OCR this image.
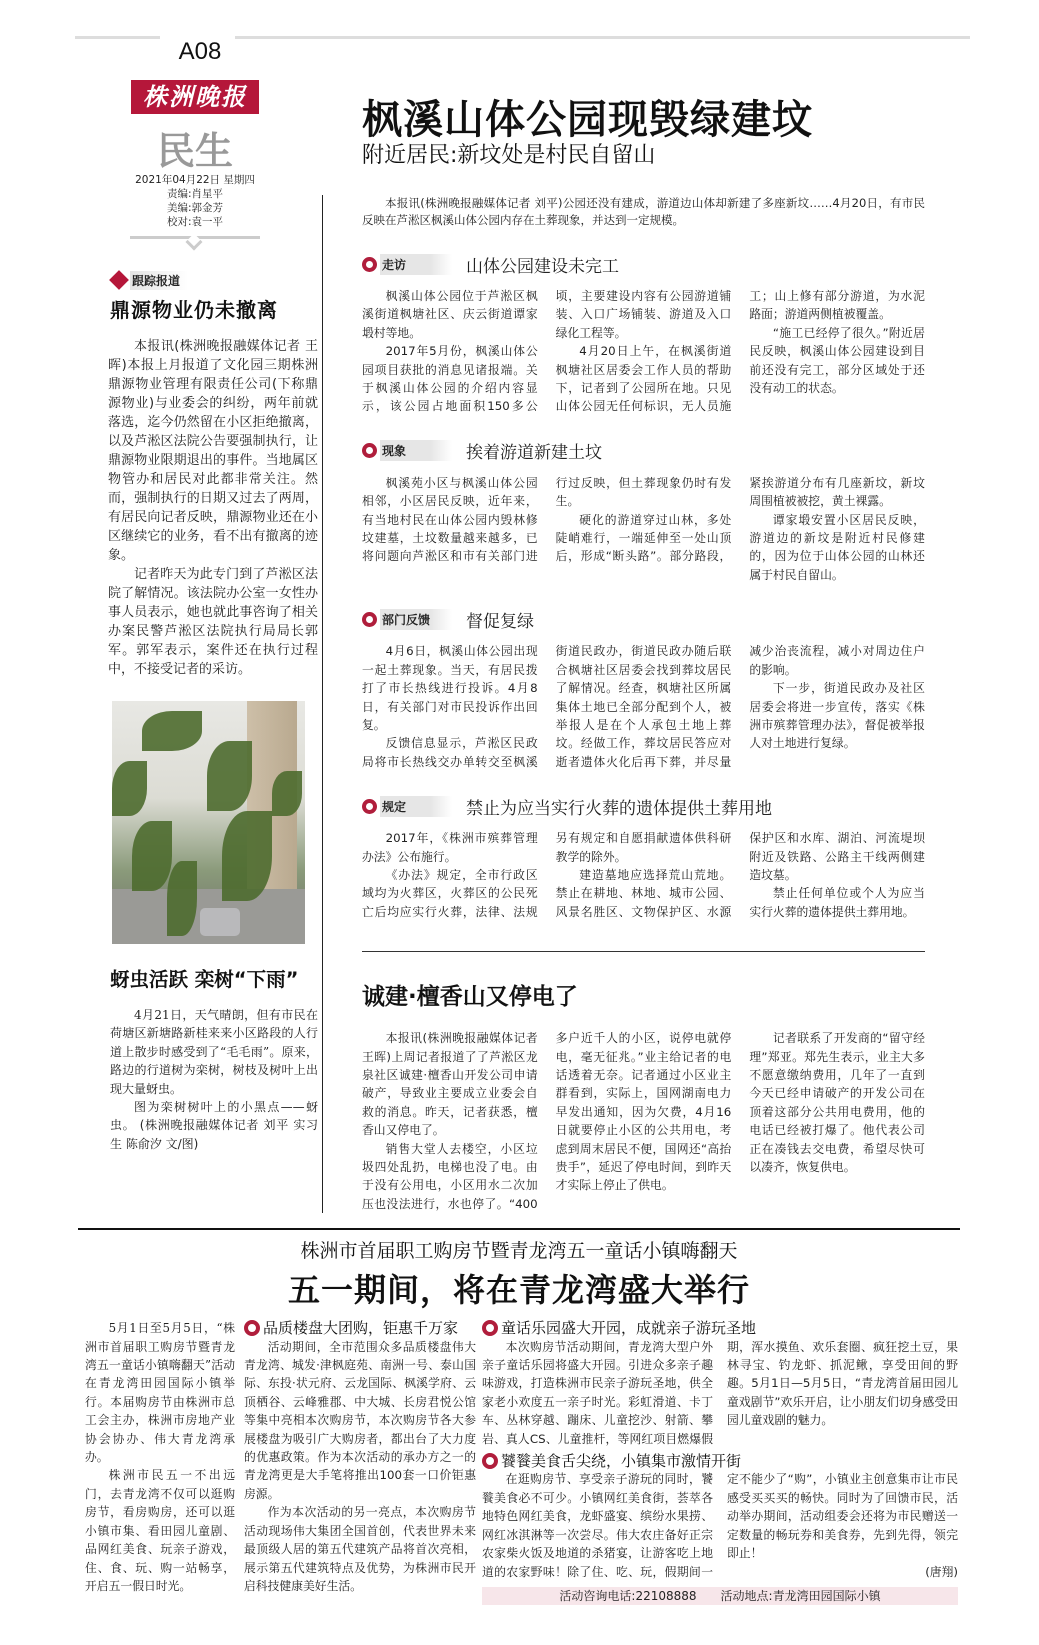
A08
株洲晚报
民生
2021年04月22日 星期四
责编:肖星平
美编:郭金芳
校对:袁一平
枫溪山体公园现毁绿建坟
附近居民:新坟处是村民自留山
跟踪报道
鼎源物业仍未撤离

本报讯(株洲晚报融媒体记者 王晖)本报上月报道了文化园三期株洲鼎源物业管理有限责任公司(下称鼎源物业)与业委会的纠纷，两年前就落选，迄今仍然留在小区拒绝撤离，以及芦淞区法院公告要强制执行，让鼎源物业限期退出的事件。当地属区物管办和居民对此都非常关注。然而，强制执行的日期又过去了两周，有居民向记者反映，鼎源物业还在小区继续它的业务，看不出有撤离的迹象。

记者昨天为此专门到了芦淞区法院了解情况。该法院办公室一女性办事人员表示，她也就此事咨询了相关办案民警芦淞区法院执行局局长郭军。郭军表示，案件还在执行过程中，不接受记者的采访。

蚜虫活跃 栾树“下雨”

4月21日，天气晴朗，但有市民在荷塘区新塘路新桂来来小区路段的人行道上散步时感受到了“毛毛雨”。原来，路边的行道树为栾树，树枝及树叶上出现大量蚜虫。

图为栾树树叶上的小黑点——蚜虫。 (株洲晚报融媒体记者 刘平 实习生 陈俞汐 文/图)

本报讯(株洲晚报融媒体记者 刘平)公园还没有建成，游道边山体却新建了多座新坟……4月20日，有市民反映在芦淞区枫溪山体公园内存在土葬现象，并达到一定规模。
走访	山体公园建设未完工

枫溪山体公园位于芦淞区枫溪街道枫塘社区、庆云街道谭家塅村等地。

2017年5月份，枫溪山体公园项目获批的消息见诸报端。关于枫溪山体公园的介绍内容显示，该公园占地面积150多公顷，主要建设内容有公园游道铺装、入口广场铺装、游道及入口绿化工程等。

4月20日上午，在枫溪街道枫塘社区居委会工作人员的帮助下，记者到了公园所在地。只见山体公园无任何标识，无人员施工；山上修有部分游道，为水泥路面；游道两侧植被覆盖。

“施工已经停了很久。”附近居民反映，枫溪山体公园建设到目前还没有完工，部分区域处于还没有动工的状态。

现象	挨着游道新建土坟

枫溪苑小区与枫溪山体公园相邻，小区居民反映，近年来，有当地村民在山体公园内毁林修坟建墓，土坟数量越来越多，已将问题向芦淞区和市有关部门进行过反映，但土葬现象仍时有发生。

硬化的游道穿过山林，多处陡峭难行，一端延伸至一处山顶后，形成“断头路”。部分路段，紧挨游道分布有几座新坟，新坟周围植被被挖，黄土裸露。

谭家塅安置小区居民反映，游道边的新坟是附近村民修建的，因为位于山体公园的山林还属于村民自留山。

部门反馈	督促复绿

4月6日，枫溪山体公园出现一起土葬现象。当天，有居民拨打了市长热线进行投诉。4月8日，有关部门对市民投诉作出回复。

反馈信息显示，芦淞区民政局将市长热线交办单转交至枫溪街道民政办，街道民政办随后联合枫塘社区居委会找到葬坟居民了解情况。经查，枫塘社区所属集体土地已全部分配到个人，被举报人是在个人承包土地上葬坟。经做工作，葬坟居民答应对逝者遗体火化后再下葬，并尽量减少治丧流程，减小对周边住户的影响。

下一步，街道民政办及社区居委会将进一步宣传，落实《株洲市殡葬管理办法》，督促被举报人对土地进行复绿。

规定	禁止为应当实行火葬的遗体提供土葬用地

2017年，《株洲市殡葬管理办法》公布施行。

《办法》规定，全市行政区域均为火葬区，火葬区的公民死亡后均应实行火葬，法律、法规另有规定和自愿捐献遗体供科研教学的除外。

建造墓地应选择荒山荒地。禁止在耕地、林地、城市公园、风景名胜区、文物保护区、水源保护区和水库、湖泊、河流堤坝附近及铁路、公路主干线两侧建造坟墓。

禁止任何单位或个人为应当实行火葬的遗体提供土葬用地。

诚建·檀香山又停电了

本报讯(株洲晚报融媒体记者 王晖)上周记者报道了了芦淞区龙泉社区诚建·檀香山开发公司申请破产，导致业主要成立业委会自救的消息。昨天，记者获悉，檀香山又停电了。

销售大堂人去楼空，小区垃圾四处乱扔，电梯也没了电。由于没有公用电，小区用水二次加压也没法进行，水也停了。“400多户近千人的小区，说停电就停电，毫无征兆。”业主给记者的电话透着无奈。记者通过小区业主群看到，实际上，国网湖南电力早发出通知，因为欠费，4月16日就要停止小区的公共用电，考虑到周末居民不便，国网还“高抬贵手”，延迟了停电时间，到昨天才实际上停止了供电。

记者联系了开发商的“留守经理”郑亚。郑先生表示，业主大多不愿意缴纳费用，几年了一直到今天已经申请破产的开发公司在顶着这部分公共用电费用，他的电话已经被打爆了。他代表公司正在凑钱去交电费，希望尽快可以凑齐，恢复供电。

株洲市首届职工购房节暨青龙湾五一童话小镇嗨翻天
五一期间，将在青龙湾盛大举行

5月1日至5月5日，“株洲市首届职工购房节暨青龙湾五一童话小镇嗨翻天”活动在青龙湾田园国际小镇举行。本届购房节由株洲市总工会主办，株洲市房地产业协会协办、伟大青龙湾承办。

株洲市民五一不出远门，去青龙湾不仅可以逛购房节，看房购房，还可以逛小镇市集、看田园儿童剧、品网红美食、玩亲子游戏，住、食、玩、购一站畅享，开启五一假日时光。

品质楼盘大团购，钜惠千万家

活动期间，全市范围众多品质楼盘伟大青龙湾、城发·津枫庭苑、南洲一号、泰山国际、东投·状元府、云龙国际、枫溪学府、云顶栖谷、云峰雅郡、中大城、长房君悦公馆等集中亮相本次购房节，本次购房节各大参展楼盘为吸引广大购房者，都出台了大力度的优惠政策。作为本次活动的承办方之一的青龙湾更是大手笔将推出100套一口价钜惠房源。

作为本次活动的另一亮点，本次购房节活动现场伟大集团全国首创，代表世界未来最顶级人居的第五代建筑产品将首次亮相，展示第五代建筑特点及优势，为株洲市民开启科技健康美好生活。

童话乐园盛大开园，成就亲子游玩圣地

本次购房节活动期间，青龙湾大型户外亲子童话乐园将盛大开园。引进众多亲子趣味游戏，打造株洲市民亲子游玩圣地，供全家老小欢度五一亲子时光。彩虹滑道、卡丁车、丛林穿越、蹦床、儿童挖沙、射箭、攀岩、真人CS、儿童推杆，等网红项目燃爆假期，浑水摸鱼、欢乐套圈、疯狂挖土豆，果林寻宝、钓龙虾、抓泥鳅，享受田间的野趣。5月1日—5月5日，“青龙湾首届田园儿童戏剧节”欢乐开启，让小朋友们切身感受田园儿童戏剧的魅力。

饕餮美食舌尖绕，小镇集市激情开街

在逛购房节、享受亲子游玩的同时，饕餮美食必不可少。小镇网红美食街，荟萃各地特色网红美食，龙虾盛宴、缤纷水果捞、网红冰淇淋等一次尝尽。伟大农庄备好正宗农家柴火饭及地道的杀猪宴，让游客吃上地道的农家野味！除了住、吃、玩，假期间一定不能少了“购”，小镇业主创意集市让市民感受买买买的畅快。同时为了回馈市民，活动举办期间，活动组委会还将为市民赠送一定数量的畅玩券和美食券，先到先得，领完即止！

(唐翔)
活动咨询电话:22108888 活动地点:青龙湾田园国际小镇
